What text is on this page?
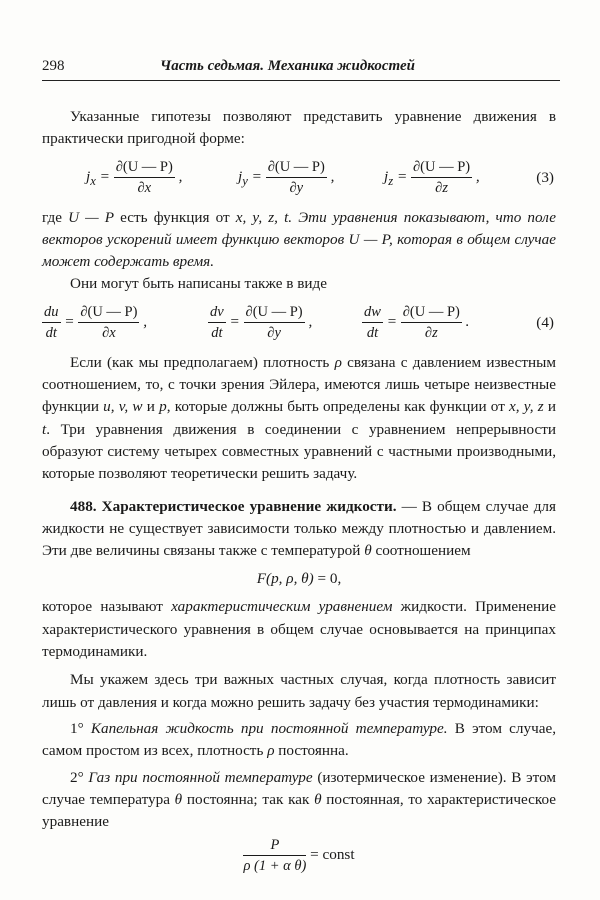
298	Часть седьмая. Механика жидкостей

Указанные гипотезы позволяют представить уравнение движения в практически пригодной форме:

$j_x = \frac{\partial(U — P)}{\partial x}$ ,	$j_y = \frac{\partial(U — P)}{\partial y}$ ,	$j_z = \frac{\partial(U — P)}{\partial z}$ ,	(3)

где U — P есть функция от x, y, z, t. Эти уравнения показывают, что поле векторов ускорений имеет функцию векторов U — P, которая в общем случае может содержать время.

Они могут быть написаны также в виде

$\frac{du}{dt} = \frac{\partial(U — P)}{\partial x}$ ,	$\frac{dv}{dt} = \frac{\partial(U — P)}{\partial y}$ ,	$\frac{dw}{dt} = \frac{\partial(U — P)}{\partial z}$ .	(4)

Если (как мы предполагаем) плотность ρ связана с давлением известным соотношением, то, с точки зрения Эйлера, имеются лишь четыре неизвестные функции u, v, w и p, которые должны быть определены как функции от x, y, z и t. Три уравнения движения в соединении с уравнением непрерывности образуют систему четырех совместных уравнений с частными производными, которые позволяют теоретически решить задачу.

488. Характеристическое уравнение жидкости. — В общем случае для жидкости не существует зависимости только между плотностью и давлением. Эти две величины связаны также с температурой θ соотношением

F(p, ρ, θ) = 0,

которое называют характеристическим уравнением жидкости. Применение характеристического уравнения в общем случае основывается на принципах термодинамики.

Мы укажем здесь три важных частных случая, когда плотность зависит лишь от давления и когда можно решить задачу без участия термодинамики:

1° Капельная жидкость при постоянной температуре. В этом случае, самом простом из всех, плотность ρ постоянна.

2° Газ при постоянной температуре (изотермическое изменение). В этом случае температура θ постоянна; так как θ постоянная, то характеристическое уравнение

$\frac{P}{\text{ρ (1 + α θ)}}$ = const
